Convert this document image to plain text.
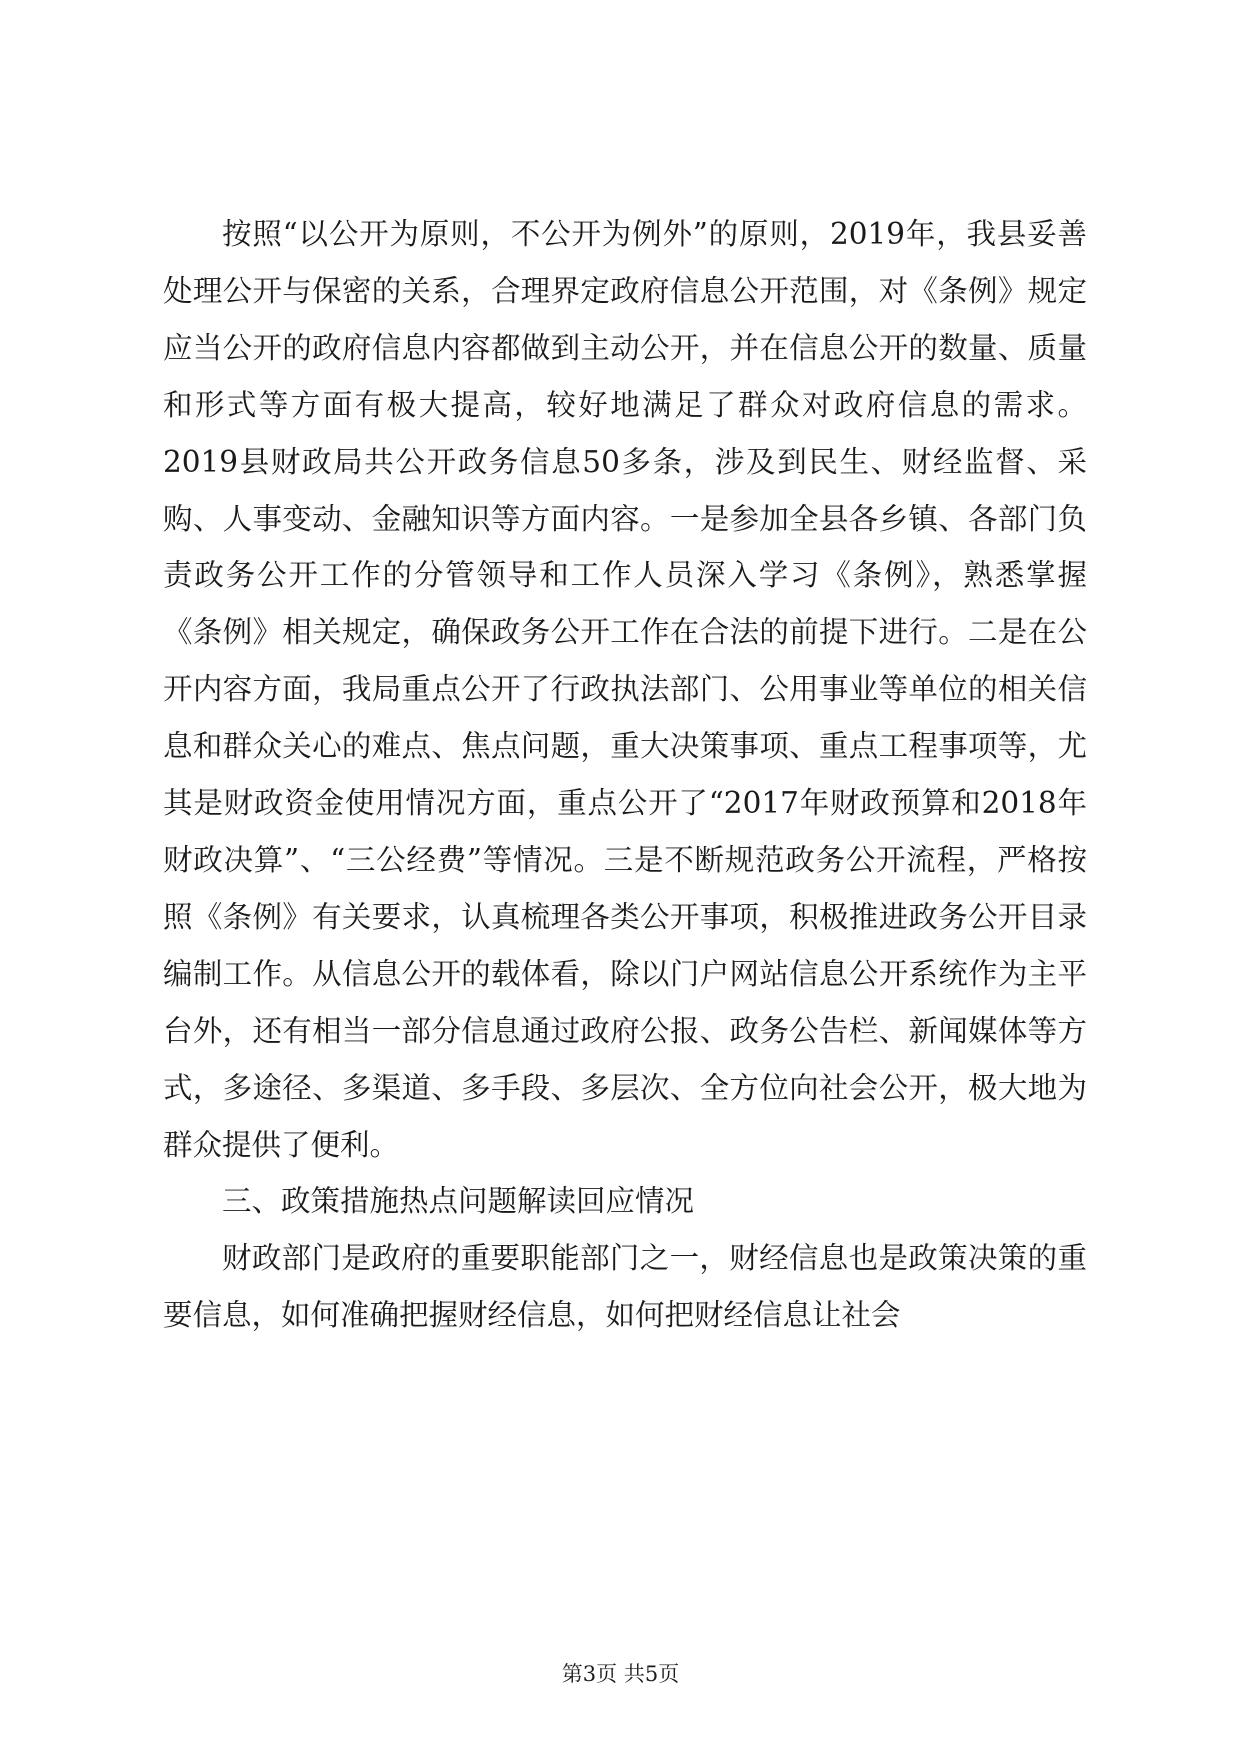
按照“以公开为原则，不公开为例外”的原则，2019年，我县妥善处理公开与保密的关系，合理界定政府信息公开范围，对《条例》规定应当公开的政府信息内容都做到主动公开，并在信息公开的数量、质量和形式等方面有极大提高，较好地满足了群众对政府信息的需求。2019县财政局共公开政务信息50多条，涉及到民生、财经监督、采购、人事变动、金融知识等方面内容。一是参加全县各乡镇、各部门负责政务公开工作的分管领导和工作人员深入学习《条例》，熟悉掌握《条例》相关规定，确保政务公开工作在合法的前提下进行。二是在公开内容方面，我局重点公开了行政执法部门、公用事业等单位的相关信息和群众关心的难点、焦点问题，重大决策事项、重点工程事项等，尤其是财政资金使用情况方面，重点公开了“2017年财政预算和2018年财政决算”、“三公经费”等情况。三是不断规范政务公开流程，严格按照《条例》有关要求，认真梳理各类公开事项，积极推进政务公开目录编制工作。从信息公开的载体看，除以门户网站信息公开系统作为主平台外，还有相当一部分信息通过政府公报、政务公告栏、新闻媒体等方式，多途径、多渠道、多手段、多层次、全方位向社会公开，极大地为群众提供了便利。

三、政策措施热点问题解读回应情况

财政部门是政府的重要职能部门之一，财经信息也是政策决策的重要信息，如何准确把握财经信息，如何把财经信息让社会

第3页 共5页
